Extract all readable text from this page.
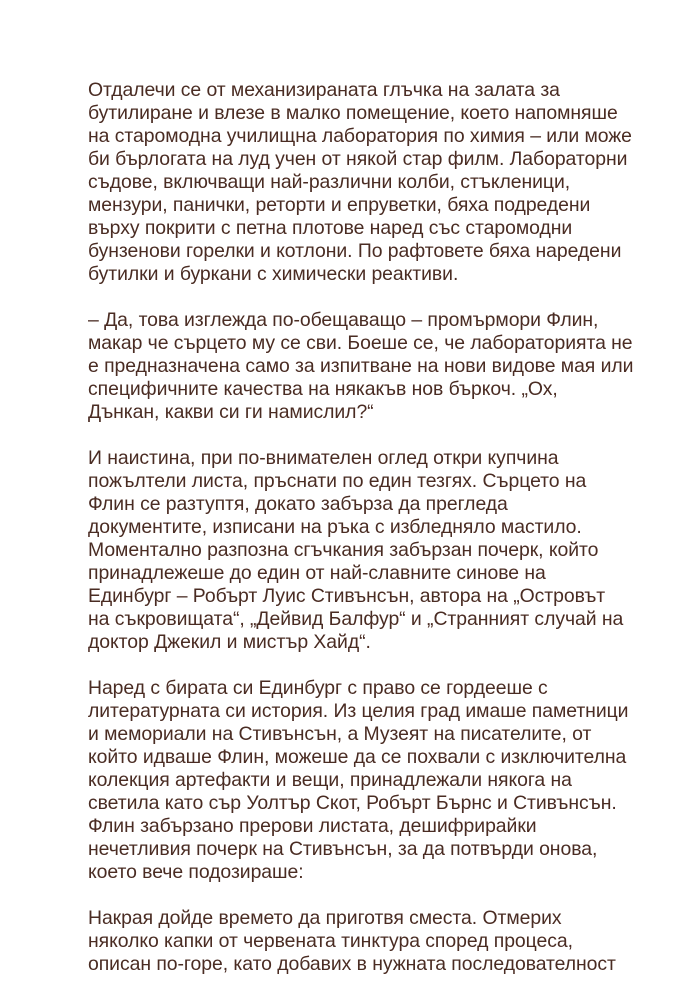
Отдалечи се от механизираната глъчка на залата за
бутилиране и влезе в малко помещение, което напомняше
на старомодна училищна лаборатория по химия – или може
би бърлогата на луд учен от някой стар филм. Лабораторни
съдове, включващи най-различни колби, стъкленици,
мензури, панички, реторти и епруветки, бяха подредени
върху покрити с петна плотове наред със старомодни
бунзенови горелки и котлони. По рафтовете бяха наредени
бутилки и буркани с химически реактиви.

– Да, това изглежда по-обещаващо – промърмори Флин,
макар че сърцето му се сви. Боеше се, че лабораторията не
е предназначена само за изпитване на нови видове мая или
специфичните качества на някакъв нов бъркоч. „Ох,
Дънкан, какви си ги намислил?“

И наистина, при по-внимателен оглед откри купчина
пожълтели листа, пръснати по един тезгях. Сърцето на
Флин се разтуптя, докато забърза да прегледа
документите, изписани на ръка с избледняло мастило.
Моментално разпозна сгъчкания забързан почерк, който
принадлежеше до един от най-славните синове на
Единбург – Робърт Луис Стивънсън, автора на „Островът
на съкровищата“, „Дейвид Балфур“ и „Странният случай на
доктор Джекил и мистър Хайд“.

Наред с бирата си Единбург с право се гордееше с
литературната си история. Из целия град имаше паметници
и мемориали на Стивънсън, а Музеят на писателите, от
който идваше Флин, можеше да се похвали с изключителна
колекция артефакти и вещи, принадлежали някога на
светила като сър Уолтър Скот, Робърт Бърнс и Стивънсън.
Флин забързано прерови листата, дешифрирайки
нечетливия почерк на Стивънсън, за да потвърди онова,
което вече подозираше:

Накрая дойде времето да приготвя сместа. Отмерих
няколко капки от червената тинктура според процеса,
описан по-горе, като добавих в нужната последователност
